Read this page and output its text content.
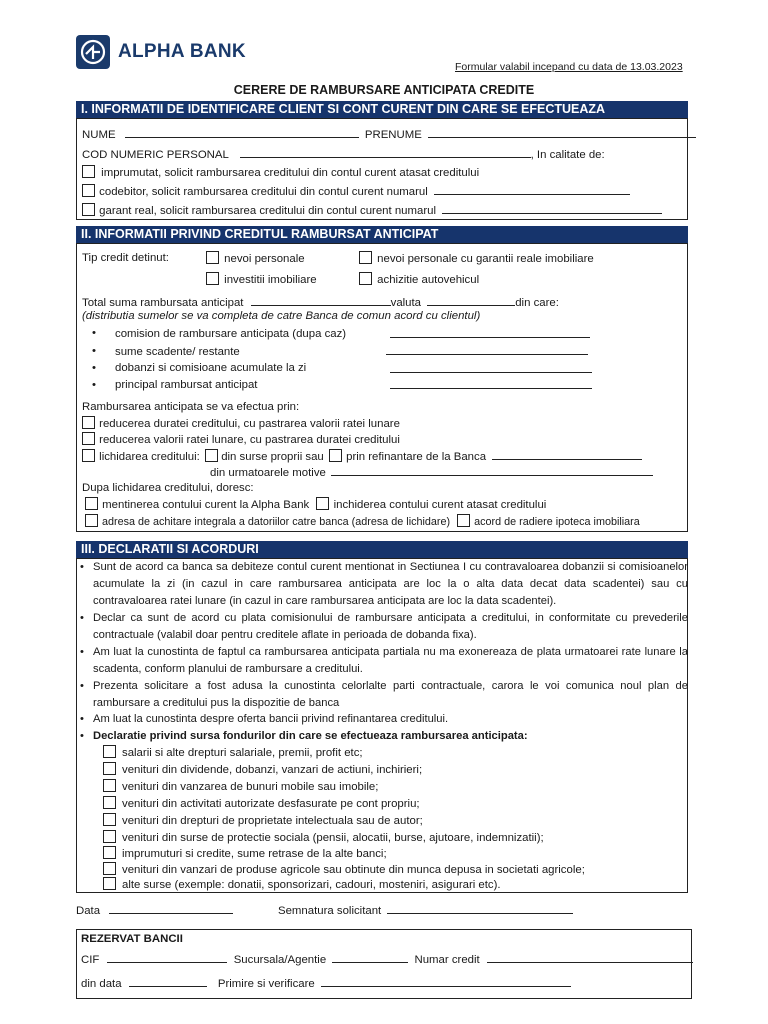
ALPHA BANK
Formular valabil incepand cu data de 13.03.2023
CERERE DE RAMBURSARE ANTICIPATA CREDITE
I. INFORMATII DE IDENTIFICARE CLIENT SI CONT CURENT DIN CARE SE EFECTUEAZA RAMBURSAREA
NUME	PRENUME
COD NUMERIC PERSONAL	, In calitate de:
imprumutat, solicit rambursarea creditului din contul curent atasat creditului
codebitor, solicit rambursarea creditului din contul curent numarul
garant real, solicit rambursarea creditului din contul curent numarul
II. INFORMATII PRIVIND CREDITUL RAMBURSAT ANTICIPAT
Tip credit detinut:	nevoi personale	nevoi personale cu garantii reale imobiliare
investitii imobiliare	achizitie autovehicul
Total suma rambursata anticipat	valuta	din care:
(distributia sumelor se va completa de catre Banca de comun acord cu clientul)
• comision de rambursare anticipata (dupa caz)
• sume scadente/ restante
• dobanzi si comisioane acumulate la zi
• principal rambursat anticipat
Rambursarea anticipata se va efectua prin:
reducerea duratei creditului, cu pastrarea valorii ratei lunare
reducerea valorii ratei lunare, cu pastrarea duratei creditului
lichidarea creditului: din surse proprii sau prin refinantare de la Banca
din urmatoarele motive
Dupa lichidarea creditului, doresc:
mentinerea contului curent la Alpha Bank inchiderea contului curent atasat creditului
adresa de achitare integrala a datoriilor catre banca (adresa de lichidare) acord de radiere ipoteca imobiliara
III. DECLARATII SI ACORDURI
• Sunt de acord ca banca sa debiteze contul curent mentionat in Sectiunea I cu contravaloarea dobanzii si comisioanelor acumulate la zi (in cazul in care rambursarea anticipata are loc la o alta data decat data scadentei) sau cu contravaloarea ratei lunare (in cazul in care rambursarea anticipata are loc la data scadentei).
• Declar ca sunt de acord cu plata comisionului de rambursare anticipata a creditului, in conformitate cu prevederile contractuale (valabil doar pentru creditele aflate in perioada de dobanda fixa).
• Am luat la cunostinta de faptul ca rambursarea anticipata partiala nu ma exonereaza de plata urmatoarei rate lunare la scadenta, conform planului de rambursare a creditului.
• Prezenta solicitare a fost adusa la cunostinta celorlalte parti contractuale, carora le voi comunica noul plan de rambursare a creditului pus la dispozitie de banca
• Am luat la cunostinta despre oferta bancii privind refinantarea creditului.
• Declaratie privind sursa fondurilor din care se efectueaza rambursarea anticipata:
salarii si alte drepturi salariale, premii, profit etc;
venituri din dividende, dobanzi, vanzari de actiuni, inchirieri;
venituri din vanzarea de bunuri mobile sau imobile;
venituri din activitati autorizate desfasurate pe cont propriu;
venituri din drepturi de proprietate intelectuala sau de autor;
venituri din surse de protectie sociala (pensii, alocatii, burse, ajutoare, indemnizatii);
imprumuturi si credite, sume retrase de la alte banci;
venituri din vanzari de produse agricole sau obtinute din munca depusa in societati agricole;
alte surse (exemple: donatii, sponsorizari, cadouri, mosteniri, asigurari etc).
Data	Semnatura solicitant
REZERVAT BANCII
CIF	Sucursala/Agentie	Numar credit
din data	Primire si verificare
